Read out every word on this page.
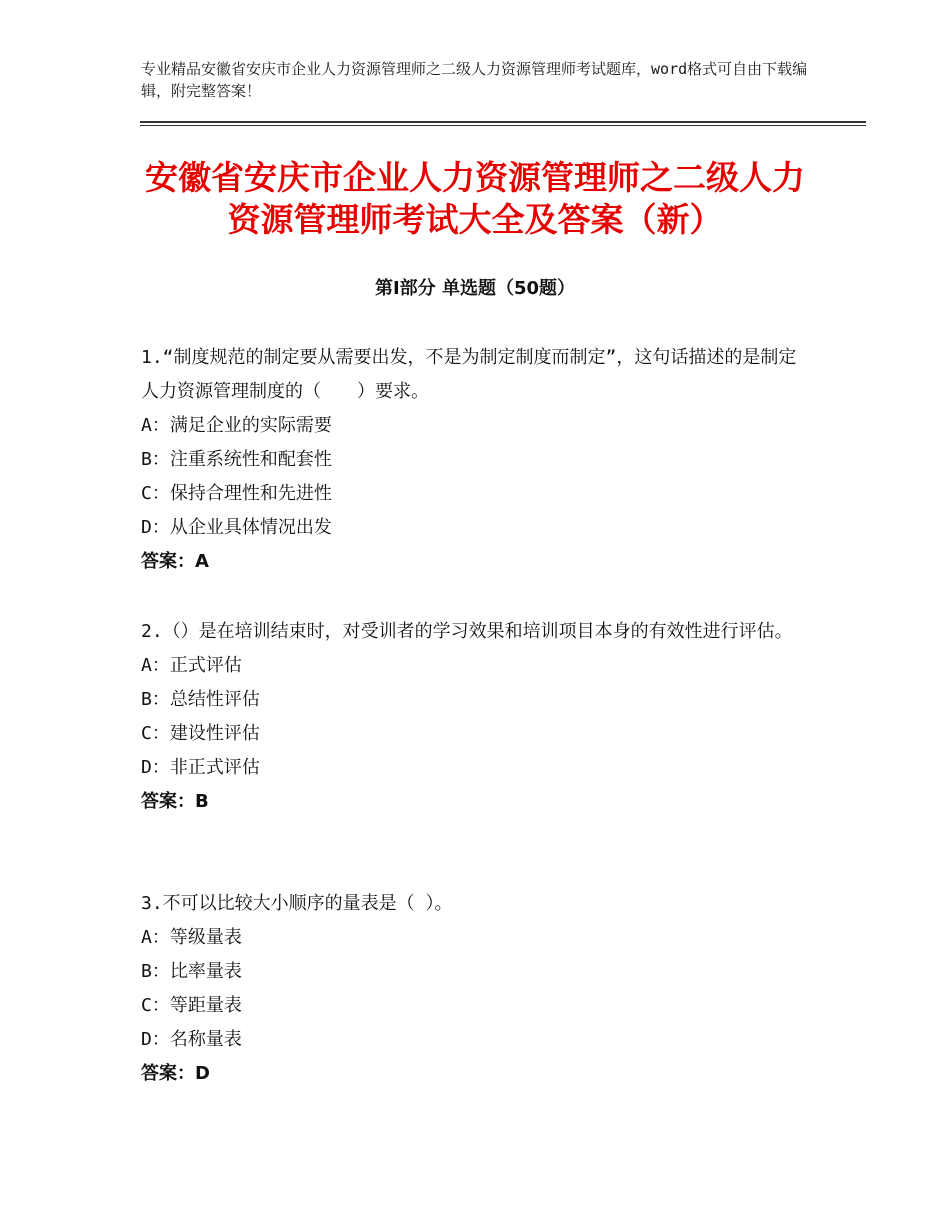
专业精品安徽省安庆市企业人力资源管理师之二级人力资源管理师考试题库，word格式可自由下载编辑，附完整答案！
安徽省安庆市企业人力资源管理师之二级人力资源管理师考试大全及答案（新）
第Ⅰ部分 单选题（50题）

1.“制度规范的制定要从需要出发，不是为制定制度而制定”，这句话描述的是制定人力资源管理制度的（　　）要求。

A：满足企业的实际需要

B：注重系统性和配套性

C：保持合理性和先进性

D：从企业具体情况出发

答案：A

2.（）是在培训结束时，对受训者的学习效果和培训项目本身的有效性进行评估。

A：正式评估

B：总结性评估

C：建设性评估

D：非正式评估

答案：B

3.不可以比较大小顺序的量表是（ ）。

A：等级量表

B：比率量表

C：等距量表

D：名称量表

答案：D
